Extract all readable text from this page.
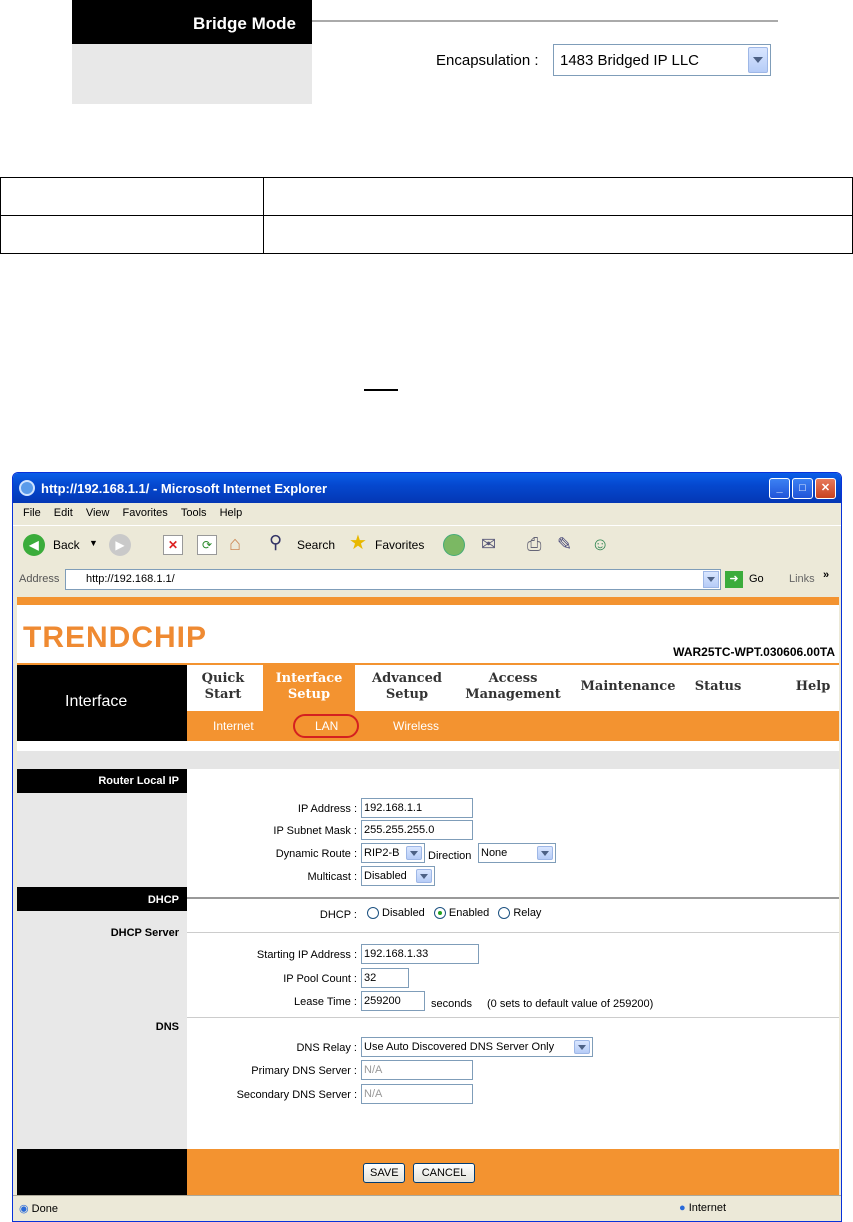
Bridge Mode
Encapsulation :	1483 Bridged IP LLC

http://192.168.1.1/ - Microsoft Internet Explorer	_	□	✕
File Edit View Favorites Tools Help
◀	Back ▼	▶	✕	⟳ ⌂ ⚲ Search ★ Favorites	✉ ⎙ ✎ ☺
Address	http://192.168.1.1/	➜ Go Links »
TRENDCHIP	WAR25TC-WPT.030606.00TA
Interface
Quick
Start
Interface
Setup
Advanced
Setup
Access
Management
Maintenance Status	Help
Internet	LAN	Wireless
Router Local IP
IP Address : 192.168.1.1
IP Subnet Mask : 255.255.255.0
Dynamic Route : RIP2-B	Direction None
Multicast : Disabled
DHCP
DHCP Server
DHCP :	Disabled Enabled Relay
Starting IP Address : 192.168.1.33
IP Pool Count : 32
Lease Time : 259200	seconds (0 sets to default value of 259200)
DNS
DNS Relay : Use Auto Discovered DNS Server Only
Primary DNS Server : N/A
Secondary DNS Server : N/A
SAVE	CANCEL
◉ Done	● Internet
